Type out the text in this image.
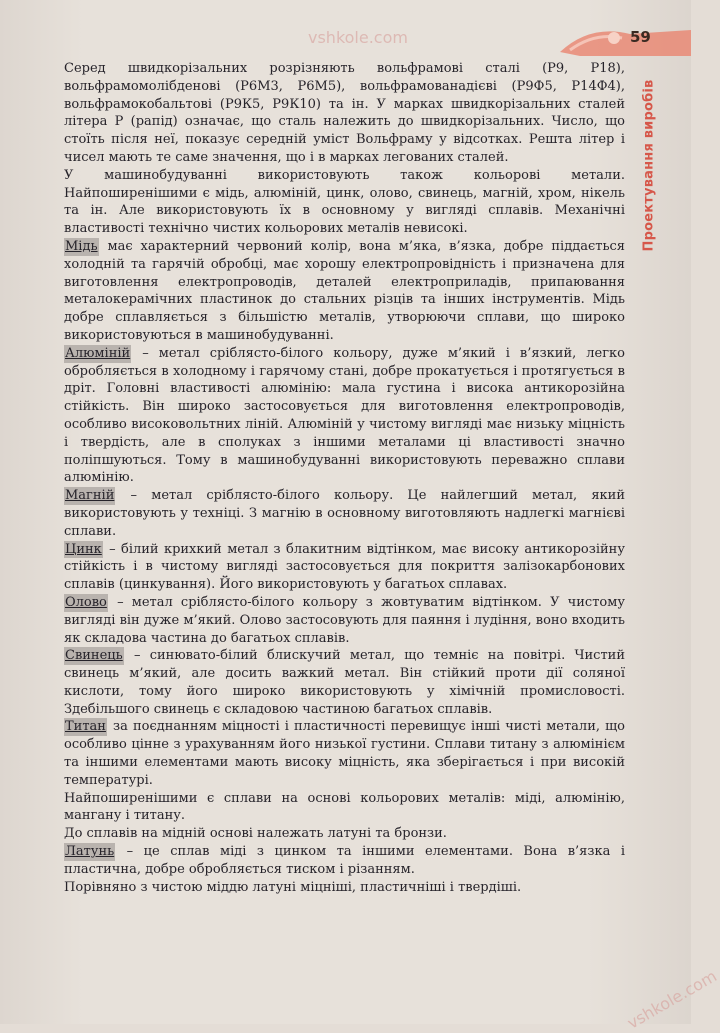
vshkole.com
vshkole.com
59
Проектування виробів

Серед швидкорізальних розрізняють вольфрамові сталі (Р9, Р18), вольфрамомолібденові (Р6М3, Р6М5), вольфрамованадієві (Р9Ф5, Р14Ф4), вольфрамокобальтові (Р9К5, Р9К10) та ін. У марках швидкорізальних сталей літера Р (рапід) означає, що сталь належить до швидкорізальних. Число, що стоїть після неї, показує середній уміст Вольфраму у відсотках. Решта літер і чисел мають те саме значення, що і в марках легованих сталей.

У машинобудуванні використовують також кольорові метали. Найпоширенішими є мідь, алюміній, цинк, олово, свинець, магній, хром, нікель та ін. Але використовують їх в основному у вигляді сплавів. Механічні властивості технічно чистих кольорових металів невисокі.

Мідь має характерний червоний колір, вона м’яка, в’язка, добре піддається холодній та гарячій обробці, має хорошу електропровідність і призначена для виготовлення електропроводів, деталей електроприладів, припаювання металокерамічних пластинок до стальних різців та інших інструментів. Мідь добре сплавляється з більшістю металів, утворюючи сплави, що широко використовуються в машинобудуванні.

Алюміній – метал сріблясто-білого кольору, дуже м’який і в’язкий, легко обробляється в холодному і гарячому стані, добре прокатується і протягується в дріт. Головні властивості алюмінію: мала густина і висока антикорозійна стійкість. Він широко застосовується для виготовлення електропроводів, особливо високовольтних ліній. Алюміній у чистому вигляді має низьку міцність і твердість, але в сполуках з іншими металами ці властивості значно поліпшуються. Тому в машинобудуванні використовують переважно сплави алюмінію.

Магній – метал сріблясто-білого кольору. Це найлегший метал, який використовують у техніці. З магнію в основному виготовляють надлегкі магнієві сплави.

Цинк – білий крихкий метал з блакитним відтінком, має високу антикорозійну стійкість і в чистому вигляді застосовується для покриття залізокарбонових сплавів (цинкування). Його використовують у багатьох сплавах.

Олово – метал сріблясто-білого кольору з жовтуватим відтінком. У чистому вигляді він дуже м’який. Олово застосовують для паяння і лудіння, воно входить як складова частина до багатьох сплавів.

Свинець – синювато-білий блискучий метал, що темніє на повітрі. Чистий свинець м’який, але досить важкий метал. Він стійкий проти дії соляної кислоти, тому його широко використовують у хімічній промисловості. Здебільшого свинець є складовою частиною багатьох сплавів.

Титан за поєднанням міцності і пластичності перевищує інші чисті метали, що особливо цінне з урахуванням його низької густини. Сплави титану з алюмінієм та іншими елементами мають високу міцність, яка зберігається і при високій температурі.

Найпоширенішими є сплави на основі кольорових металів: міді, алюмінію, мангану і титану.

До сплавів на мідній основі належать латуні та бронзи.

Латунь – це сплав міді з цинком та іншими елементами. Вона в’язка і пластична, добре обробляється тиском і різанням.

Порівняно з чистою міддю латуні міцніші, пластичніші і твердіші.
